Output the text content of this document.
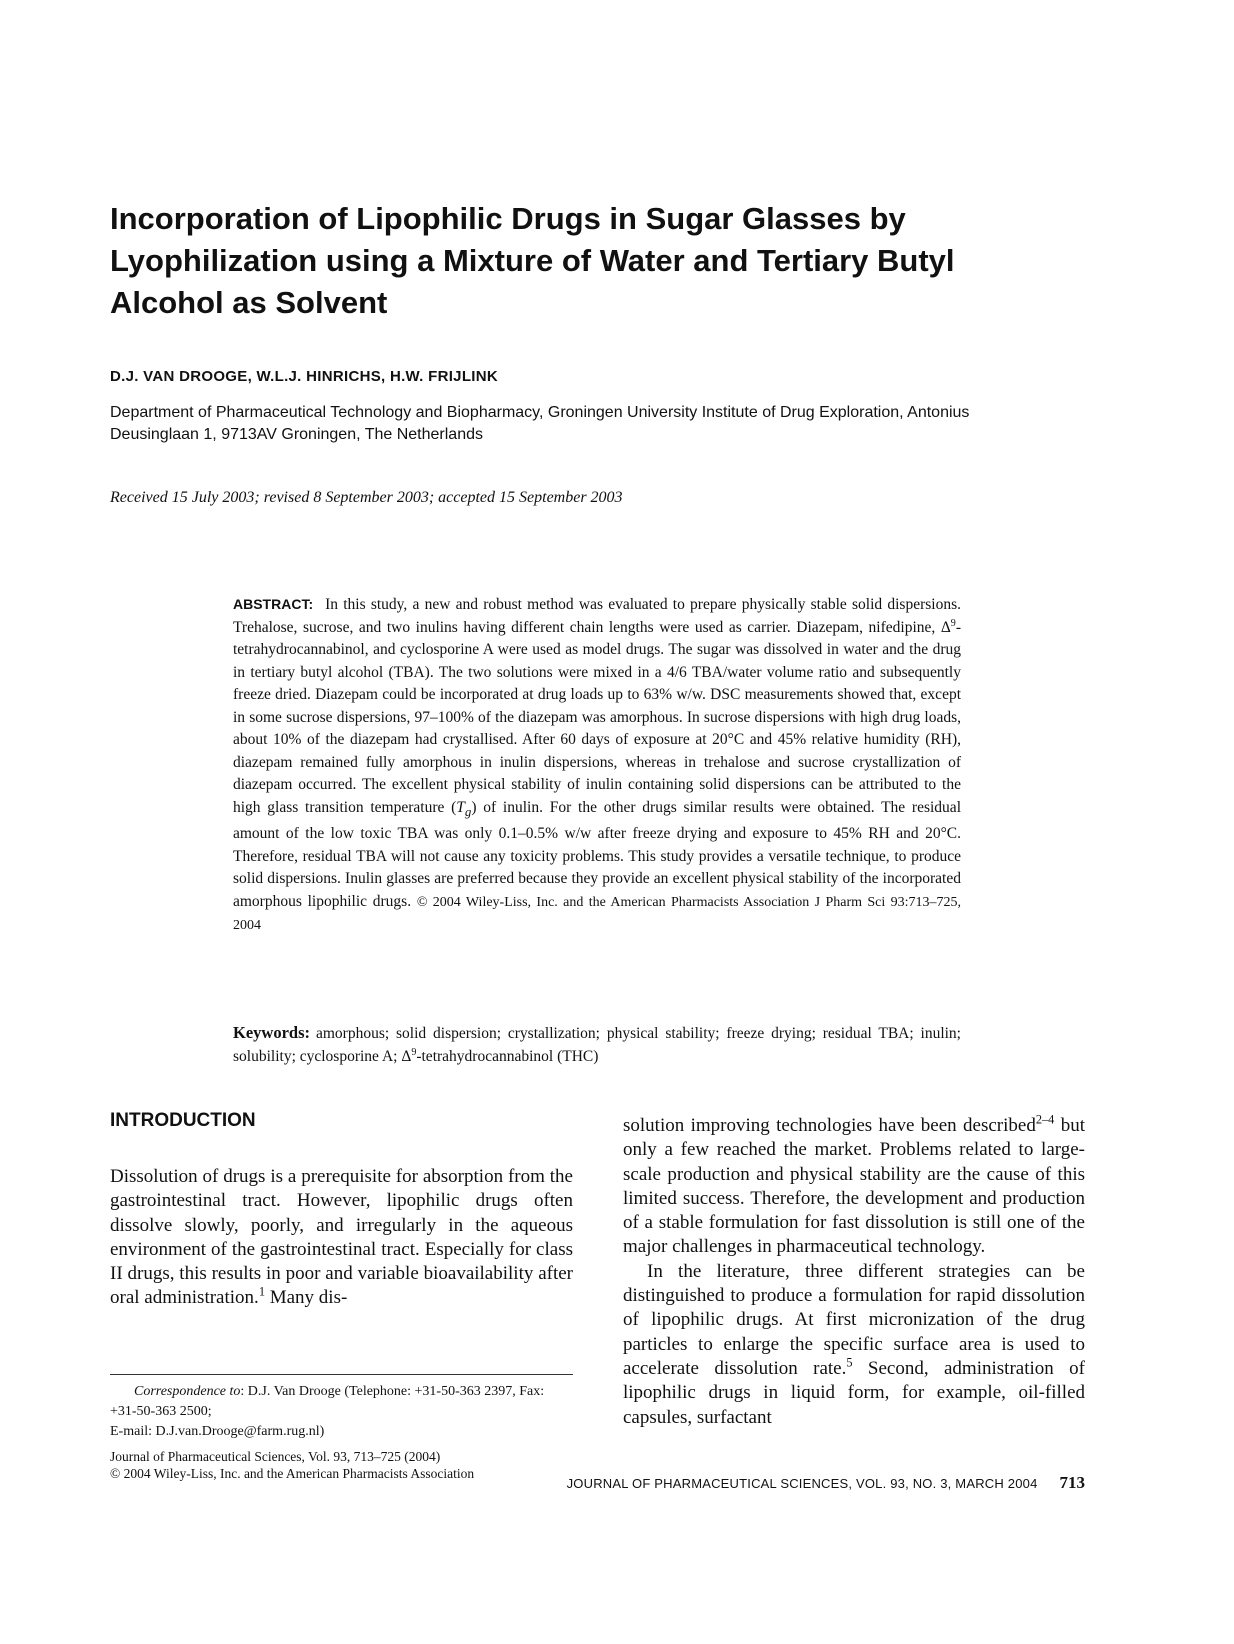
Incorporation of Lipophilic Drugs in Sugar Glasses by Lyophilization using a Mixture of Water and Tertiary Butyl Alcohol as Solvent
D.J. VAN DROOGE, W.L.J. HINRICHS, H.W. FRIJLINK
Department of Pharmaceutical Technology and Biopharmacy, Groningen University Institute of Drug Exploration, Antonius Deusinglaan 1, 9713AV Groningen, The Netherlands
Received 15 July 2003; revised 8 September 2003; accepted 15 September 2003

ABSTRACT: In this study, a new and robust method was evaluated to prepare physically stable solid dispersions. Trehalose, sucrose, and two inulins having different chain lengths were used as carrier. Diazepam, nifedipine, $\Delta^9$-tetrahydrocannabinol, and cyclosporine A were used as model drugs. The sugar was dissolved in water and the drug in tertiary butyl alcohol (TBA). The two solutions were mixed in a 4/6 TBA/water volume ratio and subsequently freeze dried. Diazepam could be incorporated at drug loads up to 63% w/w. DSC measurements showed that, except in some sucrose dispersions, 97–100% of the diazepam was amorphous. In sucrose dispersions with high drug loads, about 10% of the diazepam had crystallised. After 60 days of exposure at 20°C and 45% relative humidity (RH), diazepam remained fully amorphous in inulin dispersions, whereas in trehalose and sucrose crystallization of diazepam occurred. The excellent physical stability of inulin containing solid dispersions can be attributed to the high glass transition temperature $(T_g)$ of inulin. For the other drugs similar results were obtained. The residual amount of the low toxic TBA was only 0.1–0.5% w/w after freeze drying and exposure to 45% RH and 20°C. Therefore, residual TBA will not cause any toxicity problems. This study provides a versatile technique, to produce solid dispersions. Inulin glasses are preferred because they provide an excellent physical stability of the incorporated amorphous lipophilic drugs. © 2004 Wiley-Liss, Inc. and the American Pharmacists Association J Pharm Sci 93:713–725, 2004

Keywords: amorphous; solid dispersion; crystallization; physical stability; freeze drying; residual TBA; inulin; solubility; cyclosporine A; $\Delta^9$-tetrahydrocannabinol (THC)

INTRODUCTION

Dissolution of drugs is a prerequisite for absorption from the gastrointestinal tract. However, lipophilic drugs often dissolve slowly, poorly, and irregularly in the aqueous environment of the gastrointestinal tract. Especially for class II drugs, this results in poor and variable bioavailability after oral administration.$^1$ Many dis-

solution improving technologies have been described$^{2-4}$ but only a few reached the market. Problems related to large-scale production and physical stability are the cause of this limited success. Therefore, the development and production of a stable formulation for fast dissolution is still one of the major challenges in pharmaceutical technology.

In the literature, three different strategies can be distinguished to produce a formulation for rapid dissolution of lipophilic drugs. At first micronization of the drug particles to enlarge the specific surface area is used to accelerate dissolution rate.$^5$ Second, administration of lipophilic drugs in liquid form, for example, oil-filled capsules, surfactant

Correspondence to: D.J. Van Drooge (Telephone: +31-50-363 2397, Fax: +31-50-363 2500;
E-mail: D.J.van.Drooge@farm.rug.nl)

Journal of Pharmaceutical Sciences, Vol. 93, 713–725 (2004)
© 2004 Wiley-Liss, Inc. and the American Pharmacists Association

JOURNAL OF PHARMACEUTICAL SCIENCES, VOL. 93, NO. 3, MARCH 2004 713
